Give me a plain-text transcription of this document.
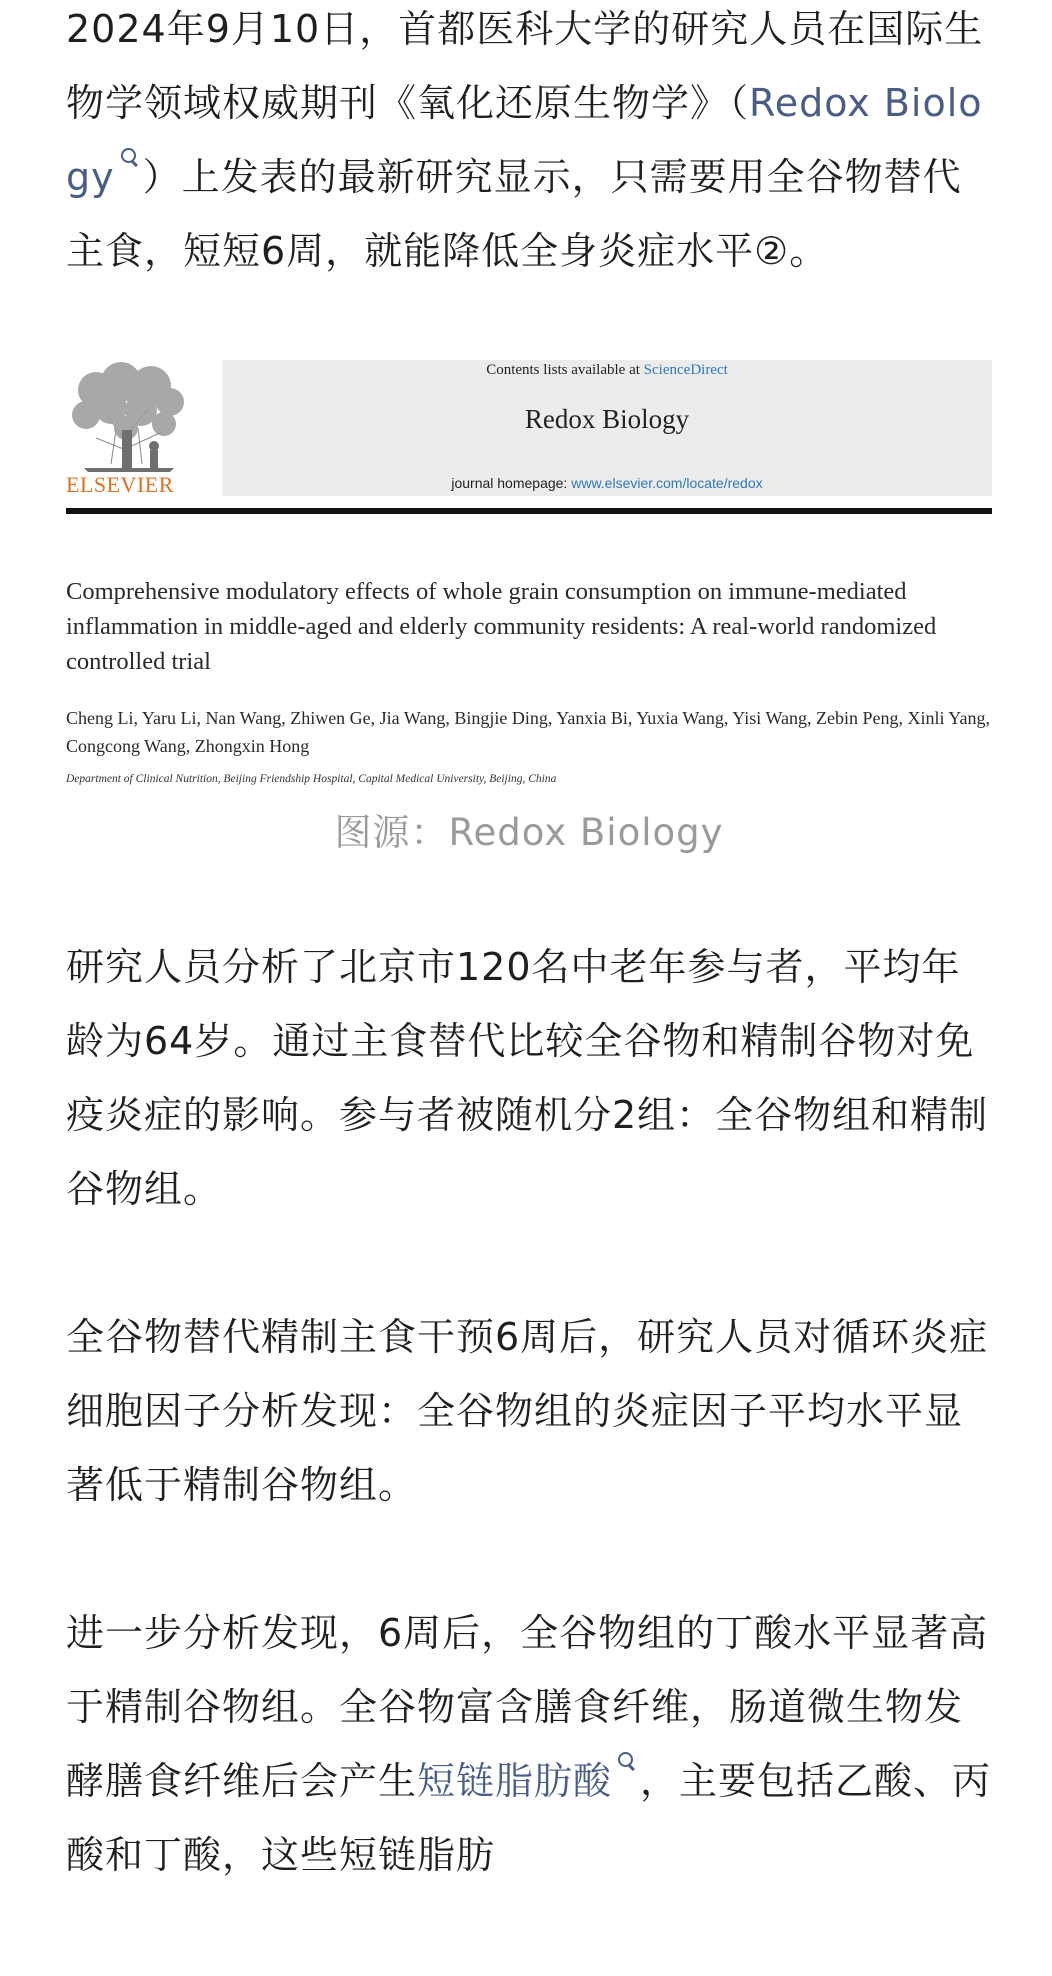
2024年9月10日，首都医科大学的研究人员在国际生物学领域权威期刊《氧化还原生物学》（Redox Biology ）上发表的最新研究显示，只需要用全谷物替代主食，短短6周，就能降低全身炎症水平②。

ELSEVIER
Contents lists available at ScienceDirect
Redox Biology
journal homepage: www.elsevier.com/locate/redox
Comprehensive modulatory effects of whole grain consumption on immune-mediated inflammation in middle-aged and elderly community residents: A real-world randomized controlled trial
Cheng Li, Yaru Li, Nan Wang, Zhiwen Ge, Jia Wang, Bingjie Ding, Yanxia Bi, Yuxia Wang, Yisi Wang, Zebin Peng, Xinli Yang, Congcong Wang, Zhongxin Hong
Department of Clinical Nutrition, Beijing Friendship Hospital, Capital Medical University, Beijing, China
图源：Redox Biology

研究人员分析了北京市120名中老年参与者，平均年龄为64岁。通过主食替代比较全谷物和精制谷物对免疫炎症的影响。参与者被随机分2组：全谷物组和精制谷物组。

全谷物替代精制主食干预6周后，研究人员对循环炎症细胞因子分析发现：全谷物组的炎症因子平均水平显著低于精制谷物组。

进一步分析发现，6周后，全谷物组的丁酸水平显著高于精制谷物组。全谷物富含膳食纤维，肠道微生物发酵膳食纤维后会产生短链脂肪酸 ，主要包括乙酸、丙酸和丁酸，这些短链脂肪
